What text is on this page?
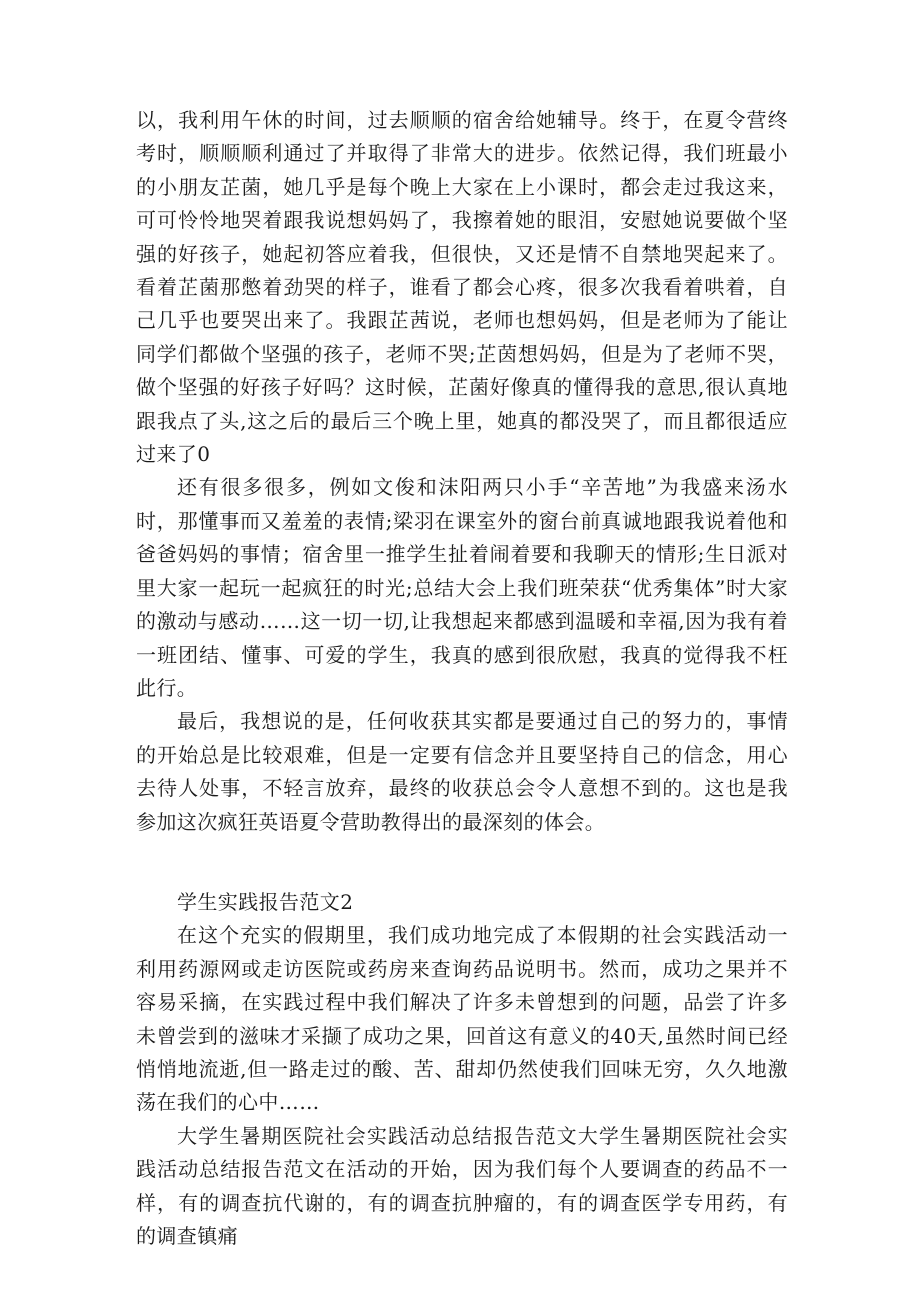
以，我利用午休的时间，过去顺顺的宿舍给她辅导。终于，在夏令营终考时，顺顺顺利通过了并取得了非常大的进步。依然记得，我们班最小的小朋友芷菌，她几乎是每个晚上大家在上小课时，都会走过我这来，可可怜怜地哭着跟我说想妈妈了，我擦着她的眼泪，安慰她说要做个坚强的好孩子，她起初答应着我，但很快，又还是情不自禁地哭起来了。看着芷菌那憋着劲哭的样子，谁看了都会心疼，很多次我看着哄着，自己几乎也要哭出来了。我跟芷茜说，老师也想妈妈，但是老师为了能让同学们都做个坚强的孩子，老师不哭;芷茵想妈妈，但是为了老师不哭，做个坚强的好孩子好吗？这时候，芷菌好像真的懂得我的意思,很认真地跟我点了头,这之后的最后三个晚上里，她真的都没哭了，而且都很适应过来了0

还有很多很多，例如文俊和沫阳两只小手“辛苦地”为我盛来汤水时，那懂事而又羞羞的表情;梁羽在课室外的窗台前真诚地跟我说着他和爸爸妈妈的事情；宿舍里一推学生扯着闹着要和我聊天的情形;生日派对里大家一起玩一起疯狂的时光;总结大会上我们班荣获“优秀集体”时大家的激动与感动……这一切一切,让我想起来都感到温暖和幸福,因为我有着一班团结、懂事、可爱的学生，我真的感到很欣慰，我真的觉得我不枉此行。

最后，我想说的是，任何收获其实都是要通过自己的努力的，事情的开始总是比较艰难，但是一定要有信念并且要坚持自己的信念，用心去待人处事，不轻言放弃，最终的收获总会令人意想不到的。这也是我参加这次疯狂英语夏令营助教得出的最深刻的体会。

学生实践报告范文2

在这个充实的假期里，我们成功地完成了本假期的社会实践活动一利用药源网或走访医院或药房来查询药品说明书。然而，成功之果并不容易采摘，在实践过程中我们解决了许多未曾想到的问题，品尝了许多未曾尝到的滋味才采撷了成功之果，回首这有意义的40天,虽然时间已经悄悄地流逝,但一路走过的酸、苦、甜却仍然使我们回味无穷，久久地激荡在我们的心中……

大学生暑期医院社会实践活动总结报告范文大学生暑期医院社会实践活动总结报告范文在活动的开始，因为我们每个人要调查的药品不一样，有的调查抗代谢的，有的调查抗肿瘤的，有的调查医学专用药，有的调查镇痛
